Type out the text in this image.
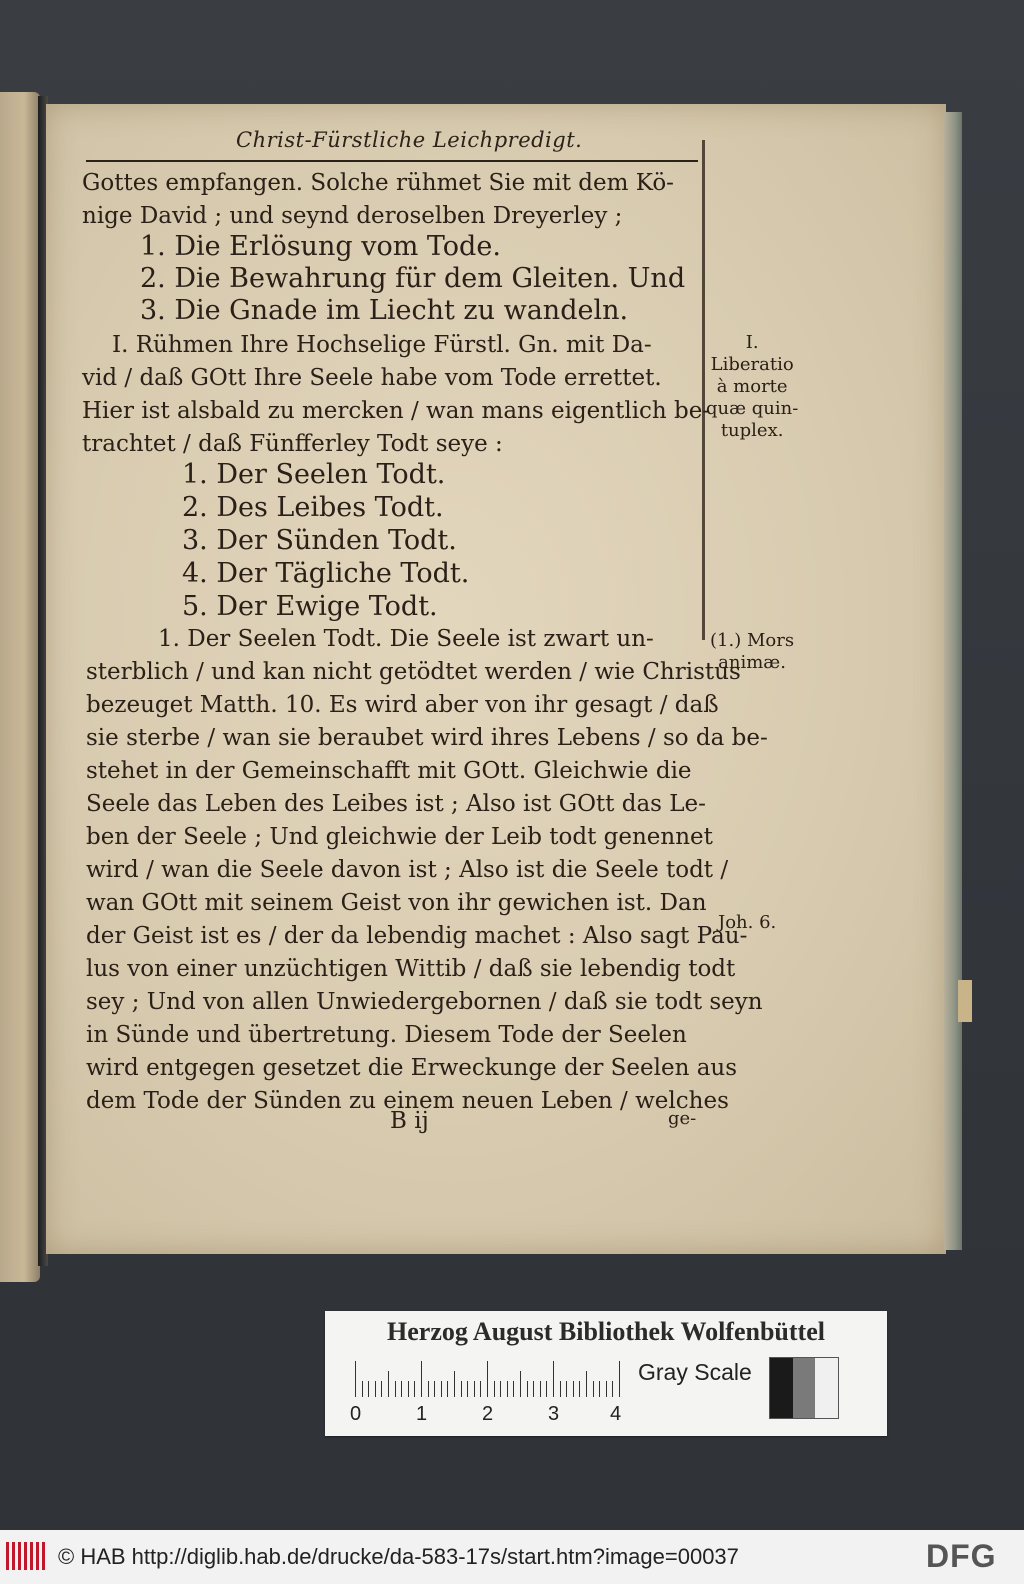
Christ-Fürstliche Leichpredigt.
Gottes empfangen. Solche rühmet Sie mit dem Kö-
nige David ; und seynd deroselben Dreyerley ;
1. Die Erlösung vom Tode.
2. Die Bewahrung für dem Gleiten. Und
3. Die Gnade im Liecht zu wandeln.
I. Rühmen Ihre Hochselige Fürstl. Gn. mit Da-
vid / daß GOtt Ihre Seele habe vom Tode errettet.
Hier ist alsbald zu mercken / wan mans eigentlich be-
trachtet / daß Fünfferley Todt seye :
1. Der Seelen Todt.
2. Des Leibes Todt.
3. Der Sünden Todt.
4. Der Tägliche Todt.
5. Der Ewige Todt.
1. Der Seelen Todt. Die Seele ist zwart un-
sterblich / und kan nicht getödtet werden / wie Christus
bezeuget Matth. 10. Es wird aber von ihr gesagt / daß
sie sterbe / wan sie beraubet wird ihres Lebens / so da be-
stehet in der Gemeinschafft mit GOtt. Gleichwie die
Seele das Leben des Leibes ist ; Also ist GOtt das Le-
ben der Seele ; Und gleichwie der Leib todt genennet
wird / wan die Seele davon ist ; Also ist die Seele todt /
wan GOtt mit seinem Geist von ihr gewichen ist. Dan
der Geist ist es / der da lebendig machet : Also sagt Pau-
lus von einer unzüchtigen Wittib / daß sie lebendig todt
sey ; Und von allen Unwiedergebornen / daß sie todt seyn
in Sünde und übertretung. Diesem Tode der Seelen
wird entgegen gesetzet die Erweckunge der Seelen aus
dem Tode der Sünden zu einem neuen Leben / welches
B ij	ge-
I.
Liberatio
à morte
quæ quin-
tuplex.
(1.) Mors
animæ.
Joh. 6.
Herzog August Bibliothek Wolfenbüttel
0	1	2	3	4
Gray Scale
© HAB http://diglib.hab.de/drucke/da-583-17s/start.htm?image=00037	DFG
